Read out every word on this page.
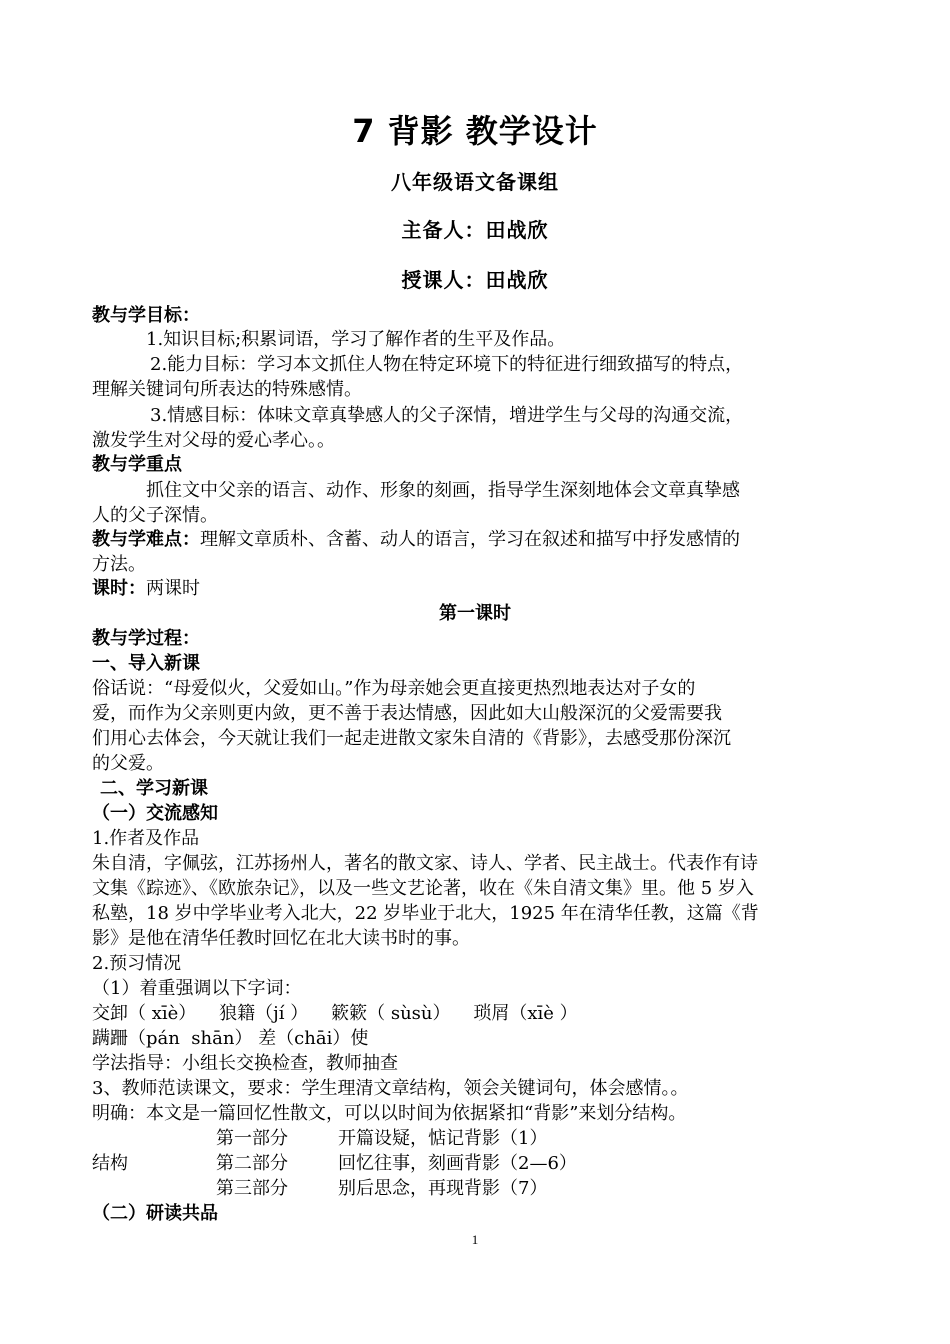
7 背影 教学设计
八年级语文备课组
主备人：田战欣
授课人：田战欣
教与学目标：
1.知识目标;积累词语，学习了解作者的生平及作品。
2.能力目标：学习本文抓住人物在特定环境下的特征进行细致描写的特点，
理解关键词句所表达的特殊感情。
3.情感目标：体味文章真挚感人的父子深情，增进学生与父母的沟通交流，
激发学生对父母的爱心孝心。。
教与学重点
抓住文中父亲的语言、动作、形象的刻画，指导学生深刻地体会文章真挚感
人的父子深情。
教与学难点：理解文章质朴、含蓄、动人的语言，学习在叙述和描写中抒发感情的
方法。
课时：两课时
第一课时
教与学过程：
一、导入新课
俗话说：“母爱似火，父爱如山。”作为母亲她会更直接更热烈地表达对子女的
爱，而作为父亲则更内敛，更不善于表达情感，因此如大山般深沉的父爱需要我
们用心去体会，今天就让我们一起走进散文家朱自清的《背影》，去感受那份深沉
的父爱。
二、学习新课
（一）交流感知
1.作者及作品
朱自清，字佩弦，江苏扬州人，著名的散文家、诗人、学者、民主战士。代表作有诗
文集《踪迹》、《欧旅杂记》，以及一些文艺论著，收在《朱自清文集》里。他 5 岁入
私塾，18 岁中学毕业考入北大，22 岁毕业于北大，1925 年在清华任教，这篇《背
影》是他在清华任教时回忆在北大读书时的事。
2.预习情况
（1）着重强调以下字词：
交卸（ xīè）    狼籍（jí ）    簌簌（ sùsù）    琐屑（xīè ）
蹒跚（pán  shān） 差（chāi）使
学法指导：小组长交换检查，教师抽查
3、教师范读课文，要求：学生理清文章结构，领会关键词句，体会感情。。
明确：本文是一篇回忆性散文，可以以时间为依据紧扣“背影”来划分结构。
结构
第一部分	开篇设疑，惦记背影（1）
第二部分	回忆往事，刻画背影（2—6）
第三部分	别后思念，再现背影（7）
（二）研读共品
1
